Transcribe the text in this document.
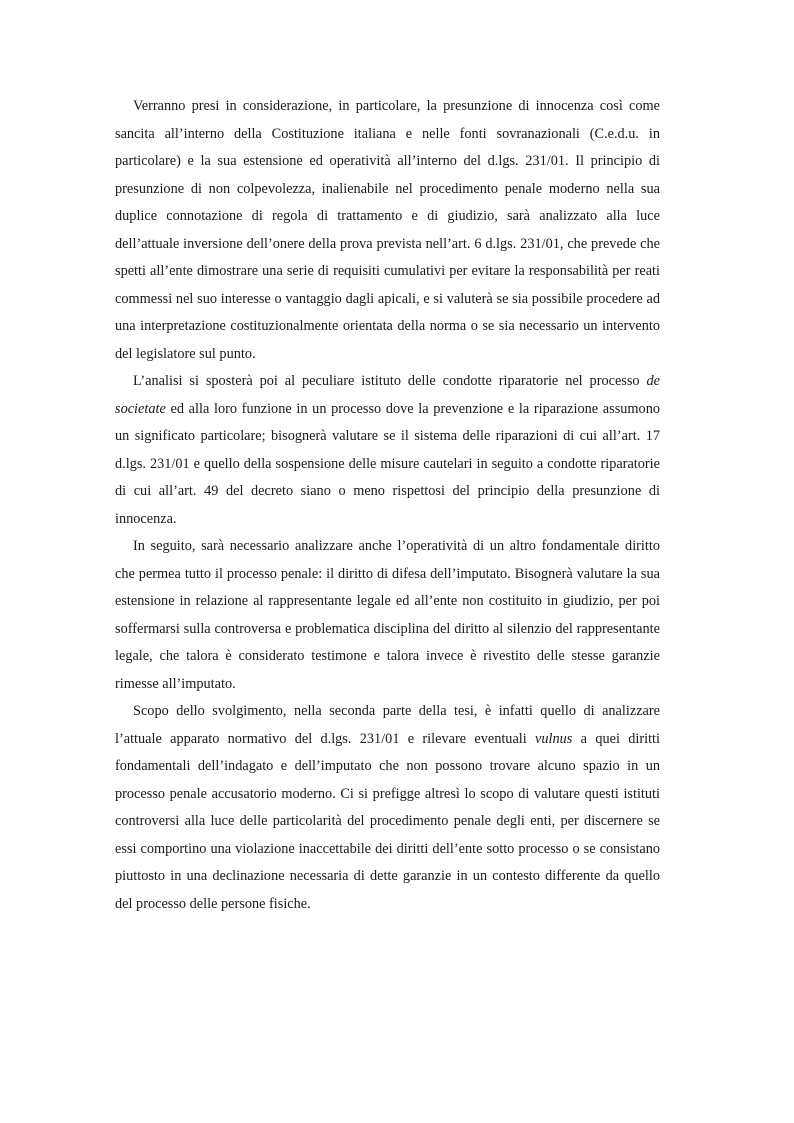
Verranno presi in considerazione, in particolare, la presunzione di innocenza così come sancita all’interno della Costituzione italiana e nelle fonti sovranazionali (C.e.d.u. in particolare) e la sua estensione ed operatività all’interno del d.lgs. 231/01. Il principio di presunzione di non colpevolezza, inalienabile nel procedimento penale moderno nella sua duplice connotazione di regola di trattamento e di giudizio, sarà analizzato alla luce dell’attuale inversione dell’onere della prova prevista nell’art. 6 d.lgs. 231/01, che prevede che spetti all’ente dimostrare una serie di requisiti cumulativi per evitare la responsabilità per reati commessi nel suo interesse o vantaggio dagli apicali, e si valuterà se sia possibile procedere ad una interpretazione costituzionalmente orientata della norma o se sia necessario un intervento del legislatore sul punto.

L’analisi si sposterà poi al peculiare istituto delle condotte riparatorie nel processo de societate ed alla loro funzione in un processo dove la prevenzione e la riparazione assumono un significato particolare; bisognerà valutare se il sistema delle riparazioni di cui all’art. 17 d.lgs. 231/01 e quello della sospensione delle misure cautelari in seguito a condotte riparatorie di cui all’art. 49 del decreto siano o meno rispettosi del principio della presunzione di innocenza.

In seguito, sarà necessario analizzare anche l’operatività di un altro fondamentale diritto che permea tutto il processo penale: il diritto di difesa dell’imputato. Bisognerà valutare la sua estensione in relazione al rappresentante legale ed all’ente non costituito in giudizio, per poi soffermarsi sulla controversa e problematica disciplina del diritto al silenzio del rappresentante legale, che talora è considerato testimone e talora invece è rivestito delle stesse garanzie rimesse all’imputato.

Scopo dello svolgimento, nella seconda parte della tesi, è infatti quello di analizzare l’attuale apparato normativo del d.lgs. 231/01 e rilevare eventuali vulnus a quei diritti fondamentali dell’indagato e dell’imputato che non possono trovare alcuno spazio in un processo penale accusatorio moderno. Ci si prefigge altresì lo scopo di valutare questi istituti controversi alla luce delle particolarità del procedimento penale degli enti, per discernere se essi comportino una violazione inaccettabile dei diritti dell’ente sotto processo o se consistano piuttosto in una declinazione necessaria di dette garanzie in un contesto differente da quello del processo delle persone fisiche.
